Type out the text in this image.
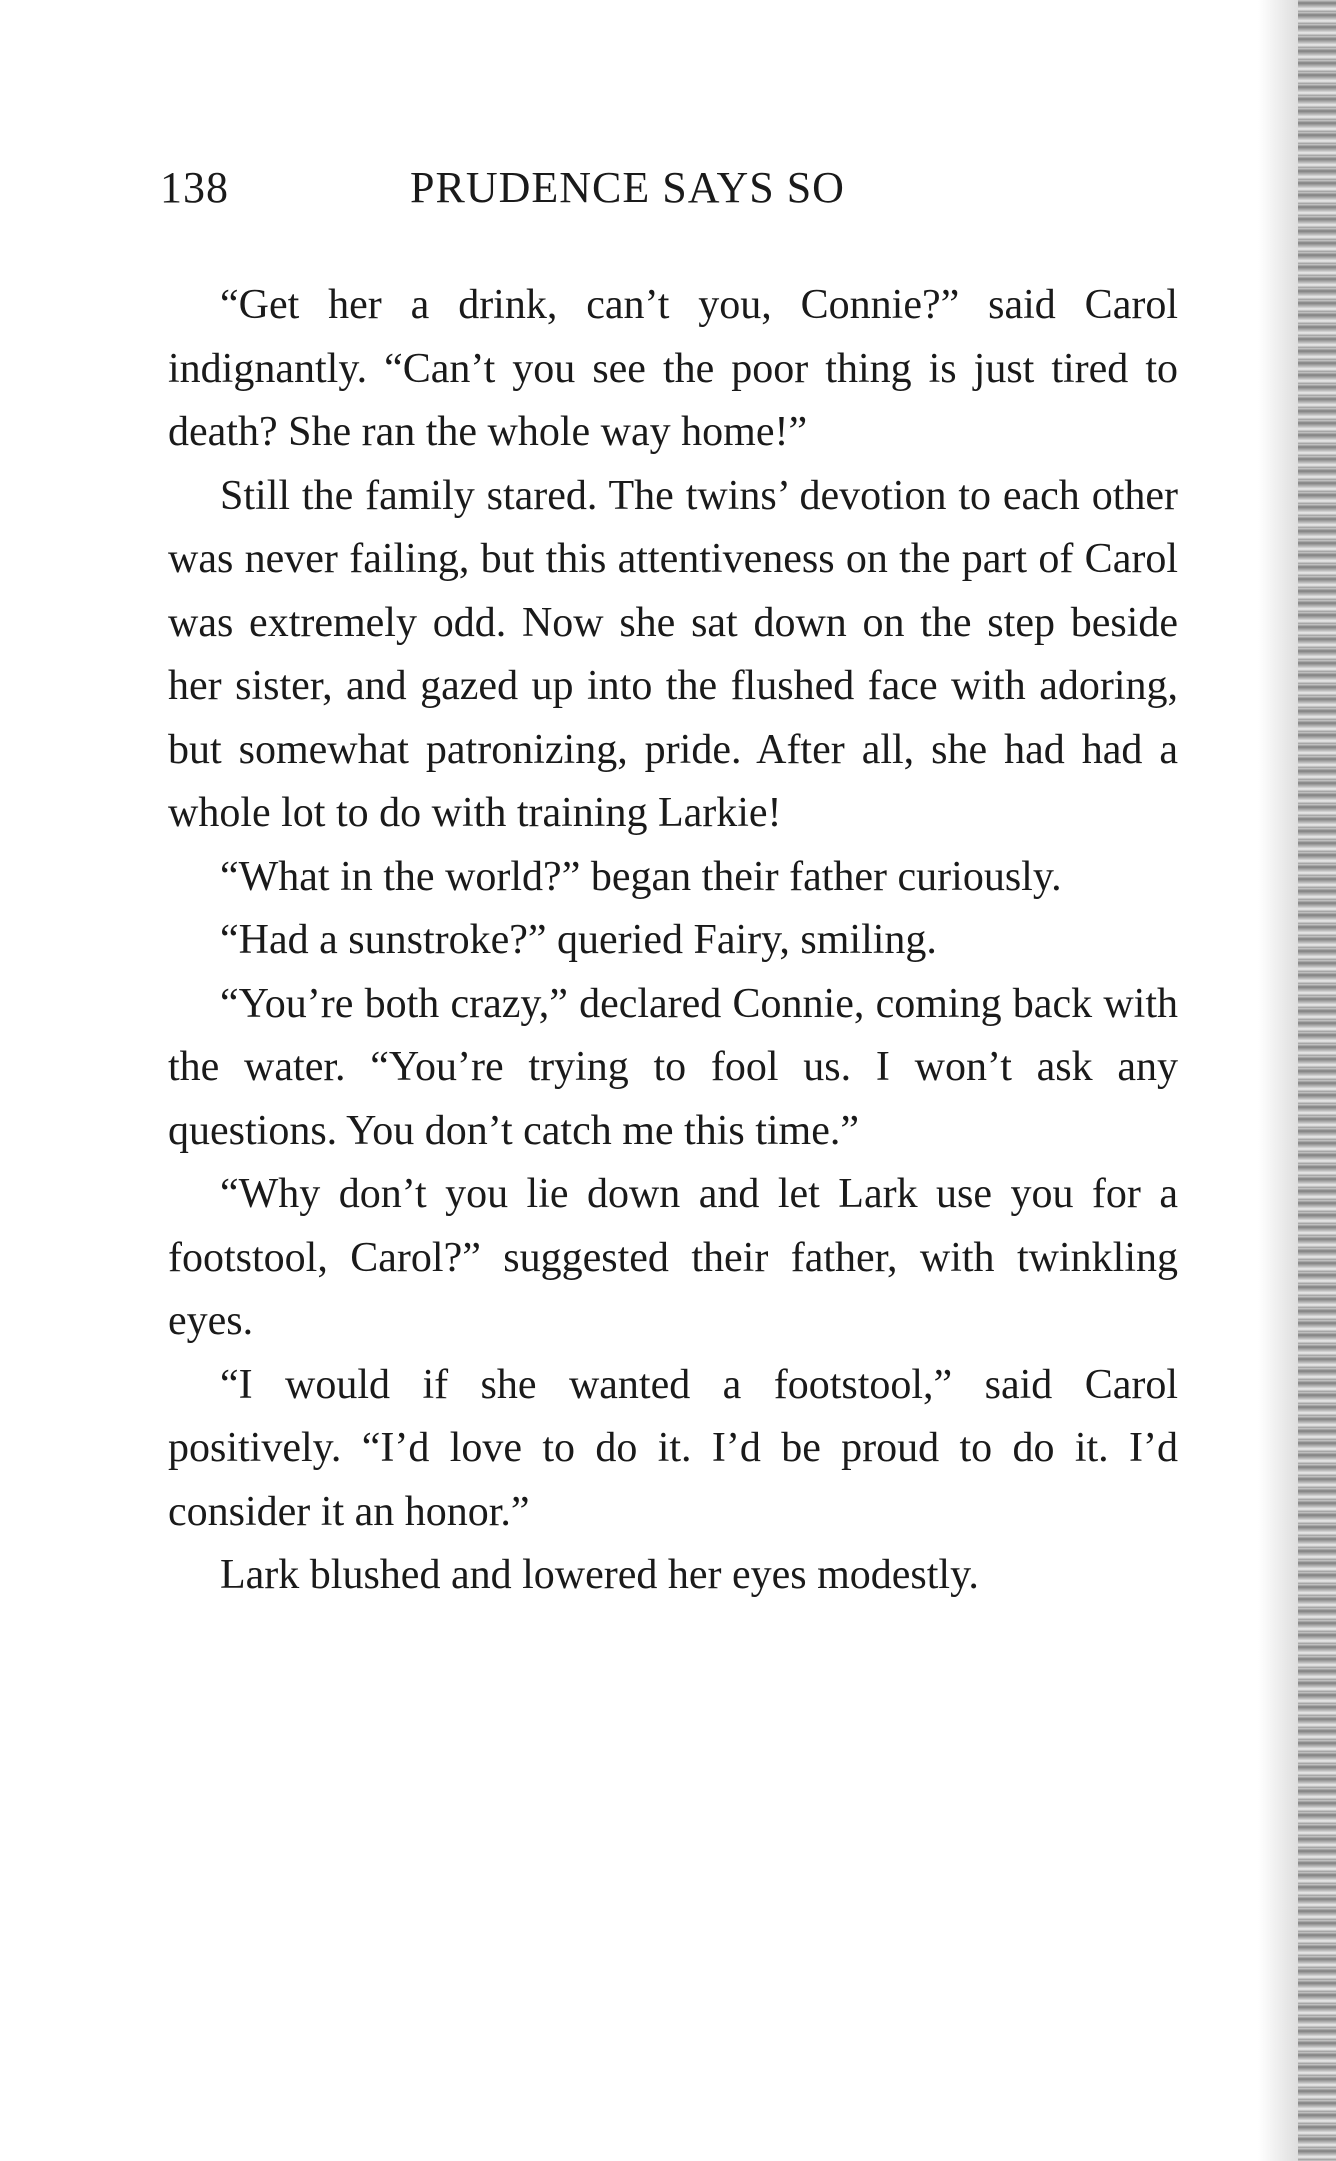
138	PRUDENCE SAYS SO

“Get her a drink, can’t you, Connie?” said Carol indignantly. “Can’t you see the poor thing is just tired to death? She ran the whole way home!”

Still the family stared. The twins’ devotion to each other was never failing, but this attentiveness on the part of Carol was extremely odd. Now she sat down on the step beside her sister, and gazed up into the flushed face with adoring, but somewhat patronizing, pride. After all, she had had a whole lot to do with training Larkie!

“What in the world?” began their father curiously.

“Had a sunstroke?” queried Fairy, smiling.

“You’re both crazy,” declared Connie, coming back with the water. “You’re trying to fool us. I won’t ask any questions. You don’t catch me this time.”

“Why don’t you lie down and let Lark use you for a footstool, Carol?” suggested their father, with twinkling eyes.

“I would if she wanted a footstool,” said Carol positively. “I’d love to do it. I’d be proud to do it. I’d consider it an honor.”

Lark blushed and lowered her eyes modestly.
